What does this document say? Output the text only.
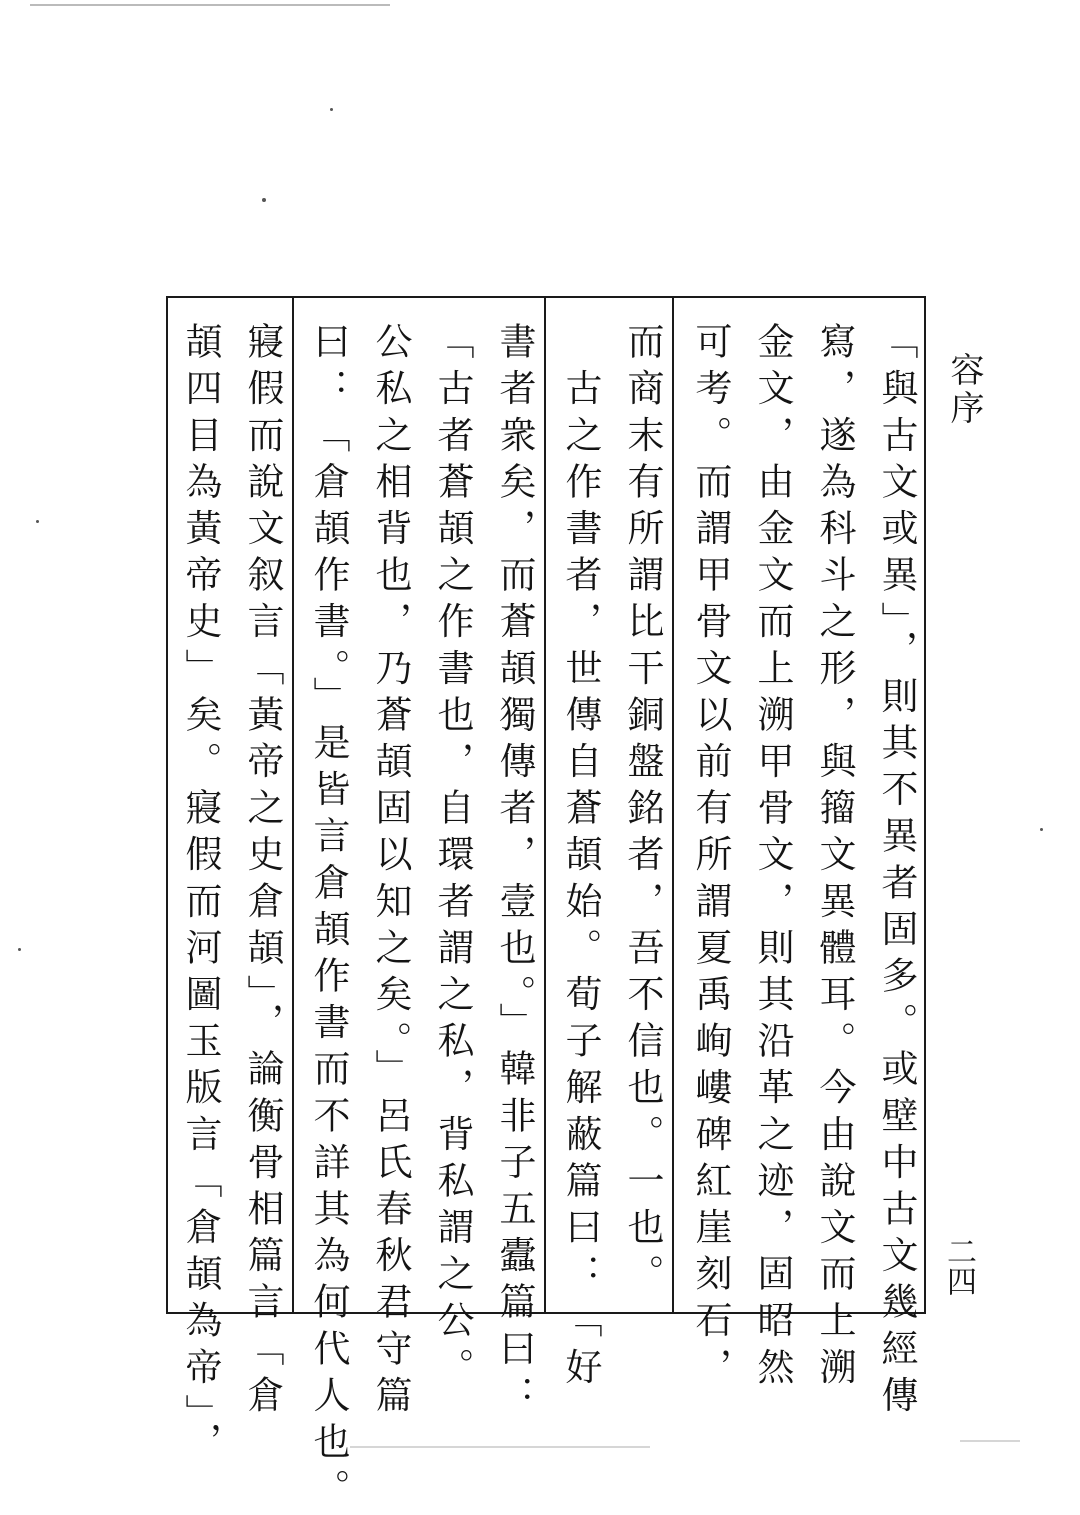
容序
「與古文或異」，則其不異者固多。或壁中古文幾經傳
寫，遂為科斗之形，與籀文異體耳。今由說文而上溯
金文，由金文而上溯甲骨文，則其沿革之迹，固昭然
可考。而謂甲骨文以前有所謂夏禹峋嶁碑紅崖刻石，
而商末有所謂比干銅盤銘者，吾不信也。一也。
　古之作書者，世傳自蒼頡始。荀子解蔽篇曰：「好
書者衆矣，而蒼頡獨傳者，壹也。」韓非子五蠹篇曰：
「古者蒼頡之作書也，自環者謂之私，背私謂之公。
公私之相背也，乃蒼頡固以知之矣。」呂氏春秋君守篇
曰：「倉頡作書。」是皆言倉頡作書而不詳其為何代人也。
寢假而說文叙言「黃帝之史倉頡」，論衡骨相篇言「倉
頡四目為黃帝史」矣。寢假而河圖玉版言「倉頡為帝」，	二四
